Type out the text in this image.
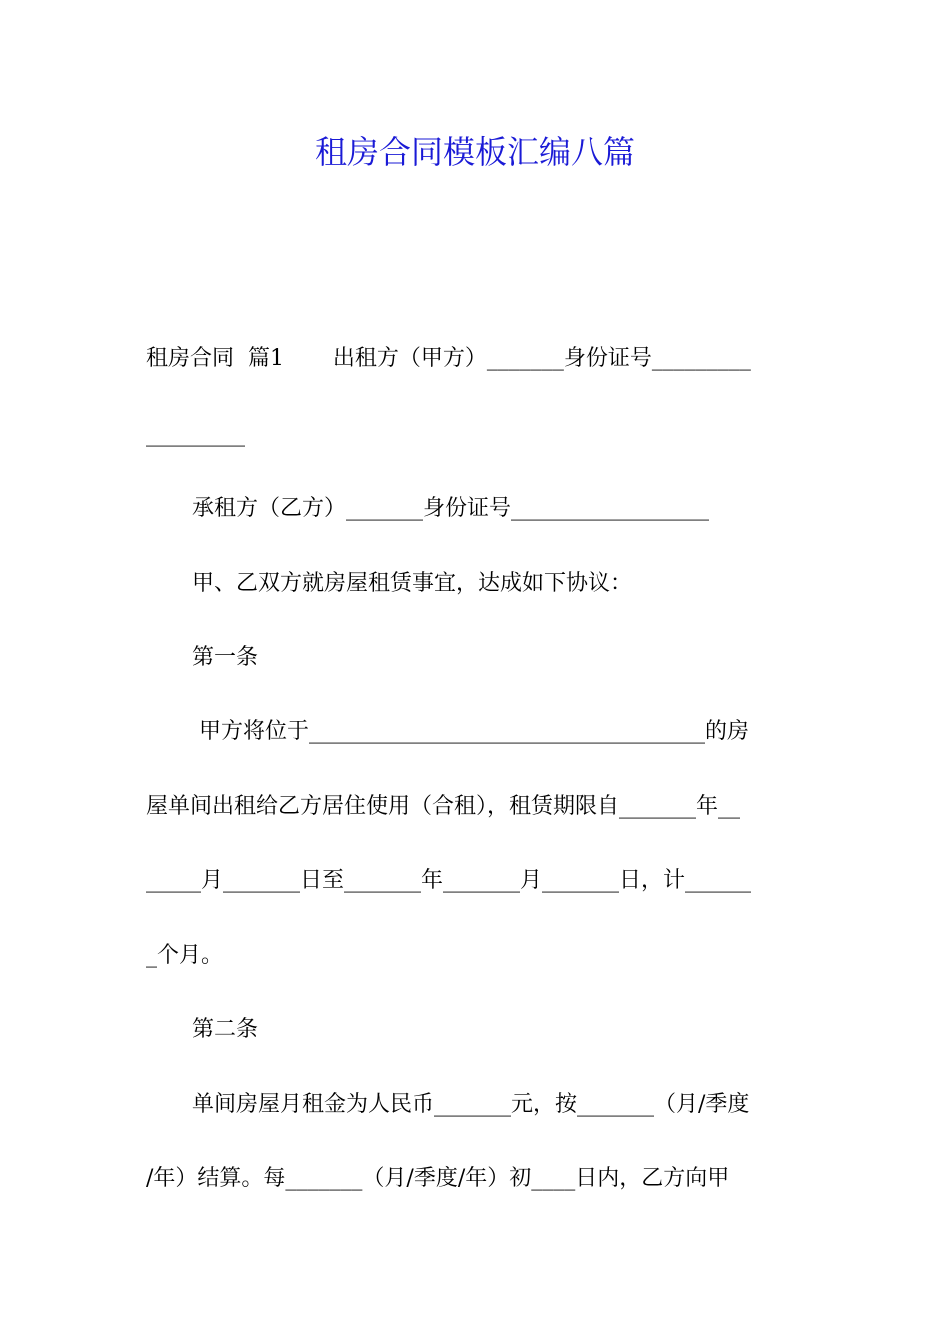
租房合同模板汇编八篇

租房合同  篇1       出租方（甲方）_______身份证号_________

_________

承租方（乙方）_______身份证号__________________

甲、乙双方就房屋租赁事宜，达成如下协议：

第一条

甲方将位于____________________________________的房

屋单间出租给乙方居住使用（合租），租赁期限自_______年__

_____月_______日至_______年_______月_______日，计______

_个月。

第二条

单间房屋月租金为人民币_______元，按_______（月/季度

/年）结算。每_______（月/季度/年）初____日内，乙方向甲
